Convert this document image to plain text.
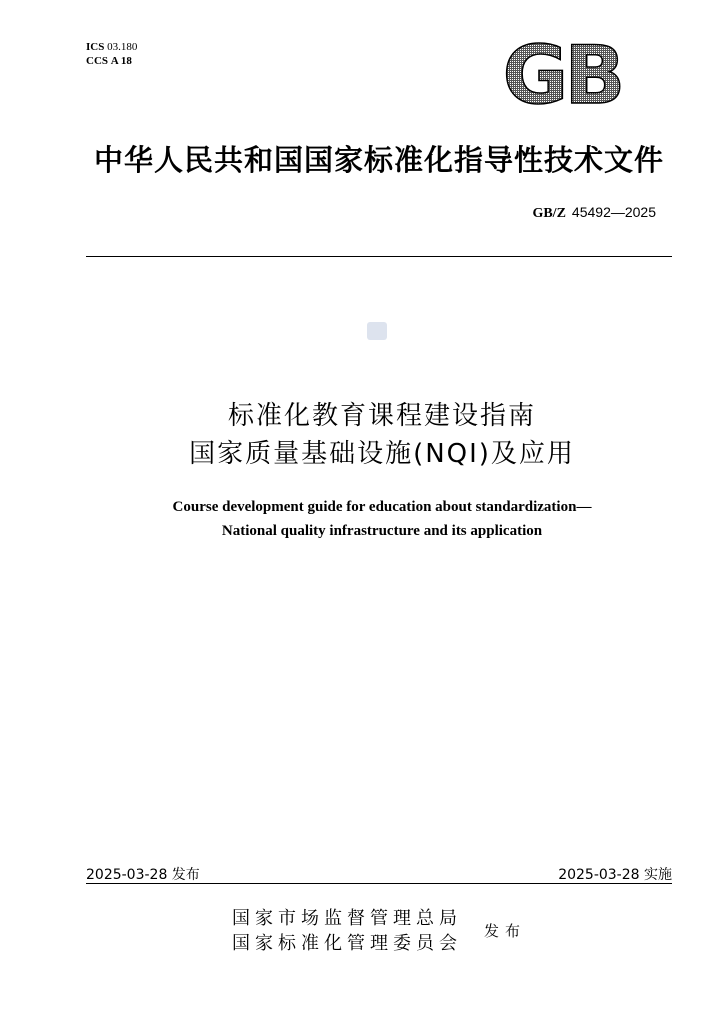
ICS 03.180
CCS A 18	GB
中华人民共和国国家标准化指导性技术文件
GB/Z 45492—2025
标准化教育课程建设指南
国家质量基础设施(NQI)及应用
Course development guide for education about standardization—
National quality infrastructure and its application
2025-03-28 发布	2025-03-28 实施
国家市场监督管理总局
国家标准化管理委员会
发布
